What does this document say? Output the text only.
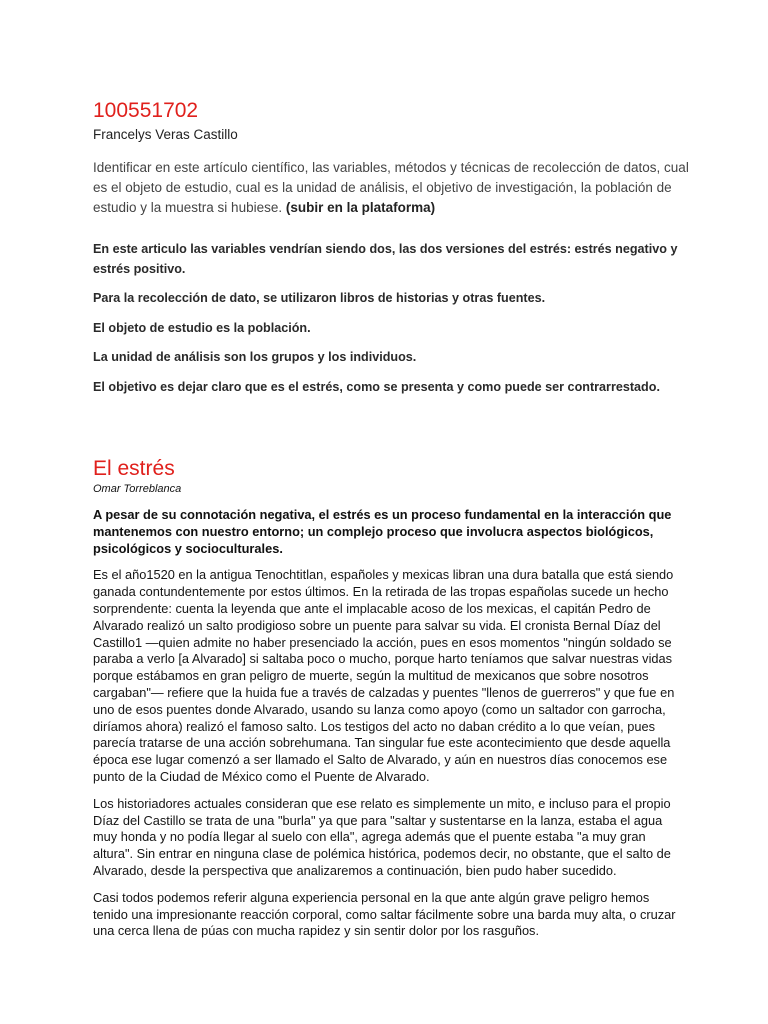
100551702

Francelys Veras Castillo

Identificar en este artículo científico, las variables, métodos y técnicas de recolección de datos, cual es el objeto de estudio, cual es la unidad de análisis, el objetivo de investigación, la población de estudio y la muestra si hubiese. (subir en la plataforma)

En este articulo las variables vendrían siendo dos, las dos versiones del estrés: estrés negativo y estrés positivo.

Para la recolección de dato, se utilizaron libros de historias y otras fuentes.

El objeto de estudio es la población.

La unidad de análisis son los grupos y los individuos.

El objetivo es dejar claro que es el estrés, como se presenta y como puede ser contrarrestado.

El estrés

Omar Torreblanca

A pesar de su connotación negativa, el estrés es un proceso fundamental en la interacción que mantenemos con nuestro entorno; un complejo proceso que involucra aspectos biológicos, psicológicos y socioculturales.

Es el año1520 en la antigua Tenochtitlan, españoles y mexicas libran una dura batalla que está siendo ganada contundentemente por estos últimos. En la retirada de las tropas españolas sucede un hecho sorprendente: cuenta la leyenda que ante el implacable acoso de los mexicas, el capitán Pedro de Alvarado realizó un salto prodigioso sobre un puente para salvar su vida. El cronista Bernal Díaz del Castillo1 —quien admite no haber presenciado la acción, pues en esos momentos "ningún soldado se paraba a verlo [a Alvarado] si saltaba poco o mucho, porque harto teníamos que salvar nuestras vidas porque estábamos en gran peligro de muerte, según la multitud de mexicanos que sobre nosotros cargaban"— refiere que la huida fue a través de calzadas y puentes "llenos de guerreros" y que fue en uno de esos puentes donde Alvarado, usando su lanza como apoyo (como un saltador con garrocha, diríamos ahora) realizó el famoso salto. Los testigos del acto no daban crédito a lo que veían, pues parecía tratarse de una acción sobrehumana. Tan singular fue este acontecimiento que desde aquella época ese lugar comenzó a ser llamado el Salto de Alvarado, y aún en nuestros días conocemos ese punto de la Ciudad de México como el Puente de Alvarado.

Los historiadores actuales consideran que ese relato es simplemente un mito, e incluso para el propio Díaz del Castillo se trata de una "burla" ya que para "saltar y sustentarse en la lanza, estaba el agua muy honda y no podía llegar al suelo con ella", agrega además que el puente estaba "a muy gran altura". Sin entrar en ninguna clase de polémica histórica, podemos decir, no obstante, que el salto de Alvarado, desde la perspectiva que analizaremos a continuación, bien pudo haber sucedido.

Casi todos podemos referir alguna experiencia personal en la que ante algún grave peligro hemos tenido una impresionante reacción corporal, como saltar fácilmente sobre una barda muy alta, o cruzar una cerca llena de púas con mucha rapidez y sin sentir dolor por los rasguños.
